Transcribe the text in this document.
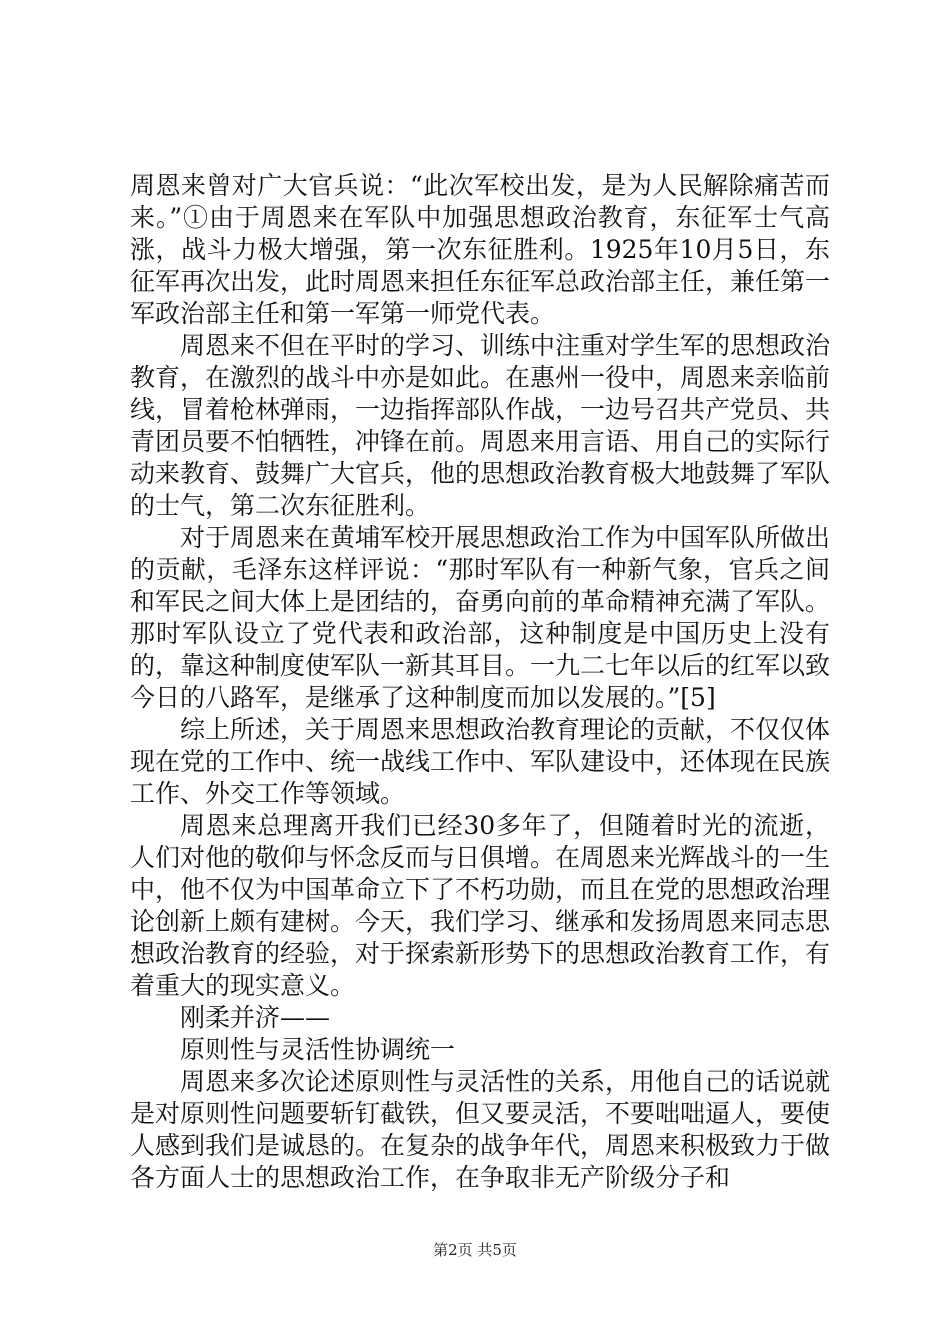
周恩来曾对广大官兵说：“此次军校出发，是为人民解除痛苦而来。”①由于周恩来在军队中加强思想政治教育，东征军士气高涨，战斗力极大增强，第一次东征胜利。1925年10月5日，东征军再次出发，此时周恩来担任东征军总政治部主任，兼任第一军政治部主任和第一军第一师党代表。

周恩来不但在平时的学习、训练中注重对学生军的思想政治教育，在激烈的战斗中亦是如此。在惠州一役中，周恩来亲临前线，冒着枪林弹雨，一边指挥部队作战，一边号召共产党员、共青团员要不怕牺牲，冲锋在前。周恩来用言语、用自己的实际行动来教育、鼓舞广大官兵，他的思想政治教育极大地鼓舞了军队的士气，第二次东征胜利。

对于周恩来在黄埔军校开展思想政治工作为中国军队所做出的贡献，毛泽东这样评说：“那时军队有一种新气象，官兵之间和军民之间大体上是团结的，奋勇向前的革命精神充满了军队。那时军队设立了党代表和政治部，这种制度是中国历史上没有的，靠这种制度使军队一新其耳目。一九二七年以后的红军以致今日的八路军，是继承了这种制度而加以发展的。”[5]

综上所述，关于周恩来思想政治教育理论的贡献，不仅仅体现在党的工作中、统一战线工作中、军队建设中，还体现在民族工作、外交工作等领域。

周恩来总理离开我们已经30多年了，但随着时光的流逝，人们对他的敬仰与怀念反而与日俱增。在周恩来光辉战斗的一生中，他不仅为中国革命立下了不朽功勋，而且在党的思想政治理论创新上颇有建树。今天，我们学习、继承和发扬周恩来同志思想政治教育的经验，对于探索新形势下的思想政治教育工作，有着重大的现实意义。

刚柔并济——

原则性与灵活性协调统一

周恩来多次论述原则性与灵活性的关系，用他自己的话说就是对原则性问题要斩钉截铁，但又要灵活，不要咄咄逼人，要使人感到我们是诚恳的。在复杂的战争年代，周恩来积极致力于做各方面人士的思想政治工作，在争取非无产阶级分子和

第2页 共5页
